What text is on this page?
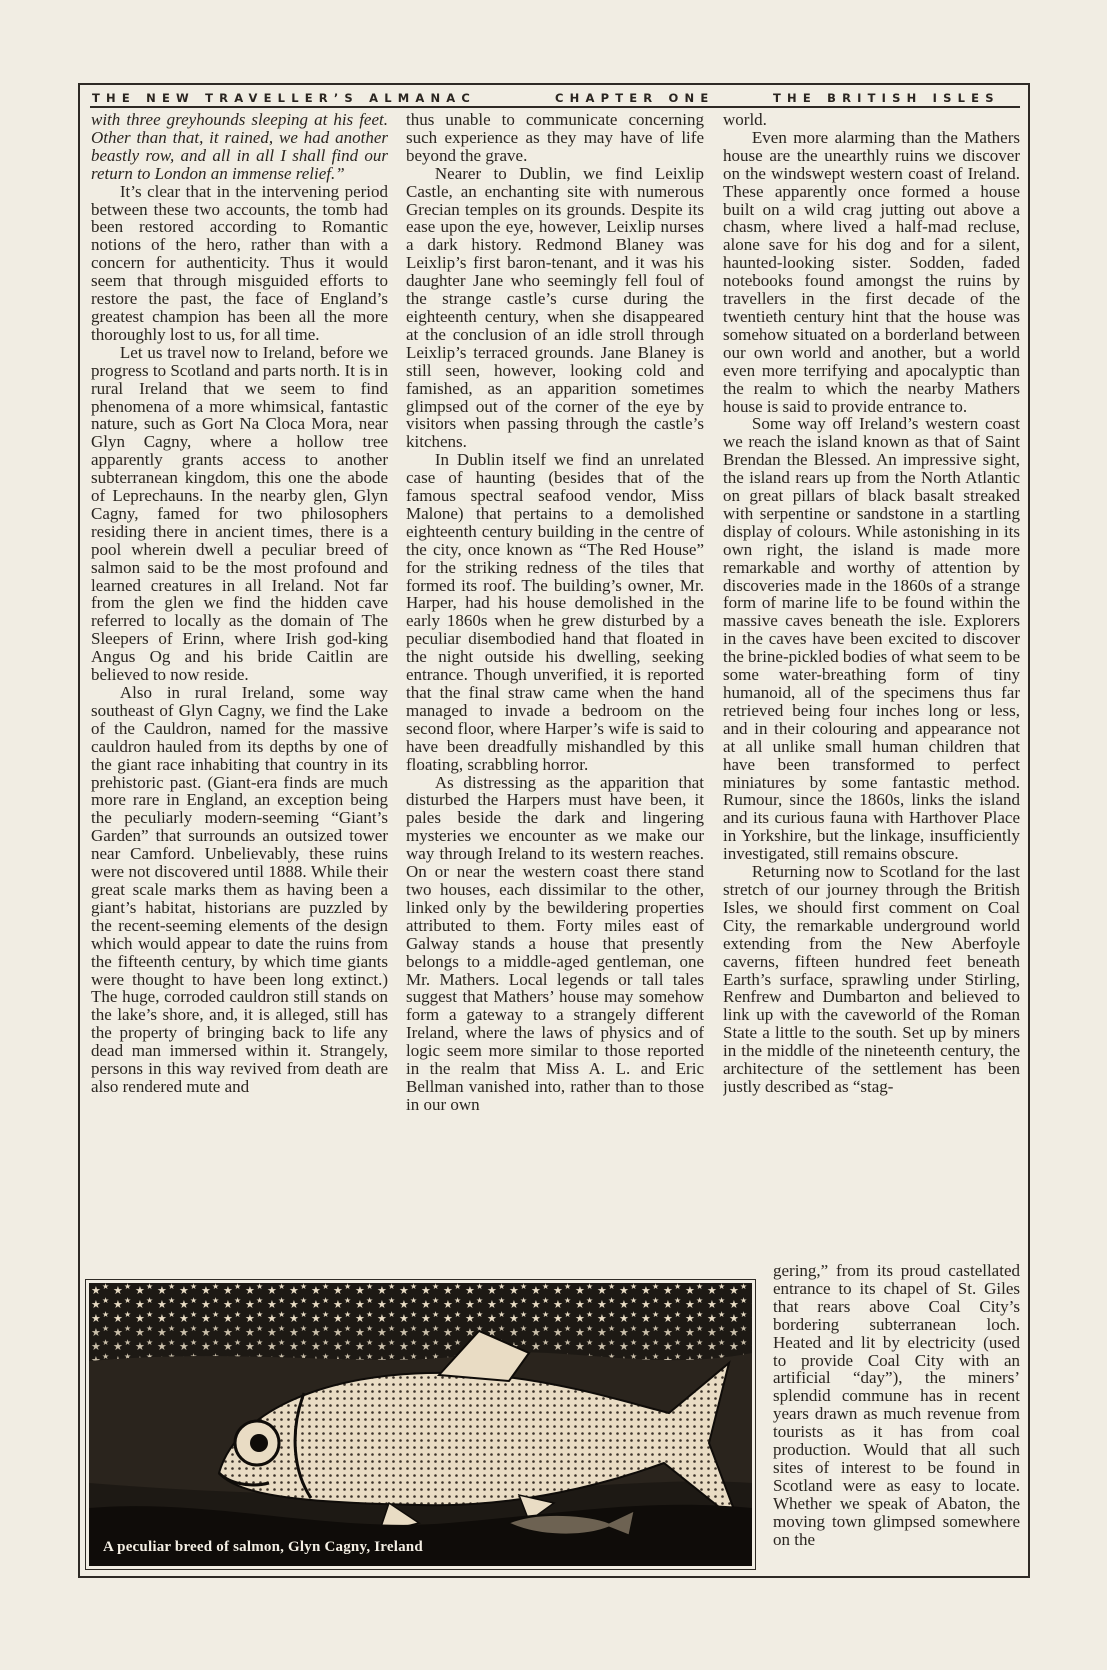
THE NEW TRAVELLER’S ALMANAC	CHAPTER ONE	THE BRITISH ISLES

with three greyhounds sleeping at his feet. Other than that, it rained, we had another beastly row, and all in all I shall find our return to London an immense relief.”

It’s clear that in the intervening period between these two accounts, the tomb had been restored according to Romantic notions of the hero, rather than with a concern for authenticity. Thus it would seem that through misguided efforts to restore the past, the face of England’s greatest champion has been all the more thoroughly lost to us, for all time.

Let us travel now to Ireland, before we progress to Scotland and parts north. It is in rural Ireland that we seem to find phenomena of a more whimsical, fantastic nature, such as Gort Na Cloca Mora, near Glyn Cagny, where a hollow tree apparently grants access to another subterranean kingdom, this one the abode of Leprechauns. In the nearby glen, Glyn Cagny, famed for two philosophers residing there in ancient times, there is a pool wherein dwell a peculiar breed of salmon said to be the most profound and learned creatures in all Ireland. Not far from the glen we find the hidden cave referred to locally as the domain of The Sleepers of Erinn, where Irish god-king Angus Og and his bride Caitlin are believed to now reside.

Also in rural Ireland, some way southeast of Glyn Cagny, we find the Lake of the Cauldron, named for the massive cauldron hauled from its depths by one of the giant race inhabiting that country in its prehistoric past. (Giant-era finds are much more rare in England, an exception being the peculiarly modern-seeming “Giant’s Garden” that surrounds an outsized tower near Camford. Unbelievably, these ruins were not discovered until 1888. While their great scale marks them as having been a giant’s habitat, historians are puzzled by the recent-seeming elements of the design which would appear to date the ruins from the fifteenth century, by which time giants were thought to have been long extinct.) The huge, corroded cauldron still stands on the lake’s shore, and, it is alleged, still has the property of bringing back to life any dead man immersed within it. Strangely, persons in this way revived from death are also rendered mute and

thus unable to communicate concerning such experience as they may have of life beyond the grave.

Nearer to Dublin, we find Leixlip Castle, an enchanting site with numerous Grecian temples on its grounds. Despite its ease upon the eye, however, Leixlip nurses a dark history. Redmond Blaney was Leixlip’s first baron-tenant, and it was his daughter Jane who seemingly fell foul of the strange castle’s curse during the eighteenth century, when she disappeared at the conclusion of an idle stroll through Leixlip’s terraced grounds. Jane Blaney is still seen, however, looking cold and famished, as an apparition sometimes glimpsed out of the corner of the eye by visitors when passing through the castle’s kitchens.

In Dublin itself we find an unrelated case of haunting (besides that of the famous spectral seafood vendor, Miss Malone) that pertains to a demolished eighteenth century building in the centre of the city, once known as “The Red House” for the striking redness of the tiles that formed its roof. The building’s owner, Mr. Harper, had his house demolished in the early 1860s when he grew disturbed by a peculiar disembodied hand that floated in the night outside his dwelling, seeking entrance. Though unverified, it is reported that the final straw came when the hand managed to invade a bedroom on the second floor, where Harper’s wife is said to have been dreadfully mishandled by this floating, scrabbling horror.

As distressing as the apparition that disturbed the Harpers must have been, it pales beside the dark and lingering mysteries we encounter as we make our way through Ireland to its western reaches. On or near the western coast there stand two houses, each dissimilar to the other, linked only by the bewildering properties attributed to them. Forty miles east of Galway stands a house that presently belongs to a middle-aged gentleman, one Mr. Mathers. Local legends or tall tales suggest that Mathers’ house may somehow form a gateway to a strangely different Ireland, where the laws of physics and of logic seem more similar to those reported in the realm that Miss A. L. and Eric Bellman vanished into, rather than to those in our own

world.

Even more alarming than the Mathers house are the unearthly ruins we discover on the windswept western coast of Ireland. These apparently once formed a house built on a wild crag jutting out above a chasm, where lived a half-mad recluse, alone save for his dog and for a silent, haunted-looking sister. Sodden, faded notebooks found amongst the ruins by travellers in the first decade of the twentieth century hint that the house was somehow situated on a borderland between our own world and another, but a world even more terrifying and apocalyptic than the realm to which the nearby Mathers house is said to provide entrance to.

Some way off Ireland’s western coast we reach the island known as that of Saint Brendan the Blessed. An impressive sight, the island rears up from the North Atlantic on great pillars of black basalt streaked with serpentine or sandstone in a startling display of colours. While astonishing in its own right, the island is made more remarkable and worthy of attention by discoveries made in the 1860s of a strange form of marine life to be found within the massive caves beneath the isle. Explorers in the caves have been excited to discover the brine-pickled bodies of what seem to be some water-breathing form of tiny humanoid, all of the specimens thus far retrieved being four inches long or less, and in their colouring and appearance not at all unlike small human children that have been transformed to perfect miniatures by some fantastic method. Rumour, since the 1860s, links the island and its curious fauna with Harthover Place in Yorkshire, but the linkage, insufficiently investigated, still remains obscure.

Returning now to Scotland for the last stretch of our journey through the British Isles, we should first comment on Coal City, the remarkable underground world extending from the New Aberfoyle caverns, fifteen hundred feet beneath Earth’s surface, sprawling under Stirling, Renfrew and Dumbarton and believed to link up with the caveworld of the Roman State a little to the south. Set up by miners in the middle of the nineteenth century, the architecture of the settlement has been justly described as “stag-

gering,” from its proud castellated entrance to its chapel of St. Giles that rears above Coal City’s bordering subterranean loch. Heated and lit by electricity (used to provide Coal City with an artificial “day”), the miners’ splendid commune has in recent years drawn as much revenue from tourists as it has from coal production. Would that all such sites of interest to be found in Scotland were as easy to locate. Whether we speak of Abaton, the moving town glimpsed somewhere on the

A peculiar breed of salmon, Glyn Cagny, Ireland
